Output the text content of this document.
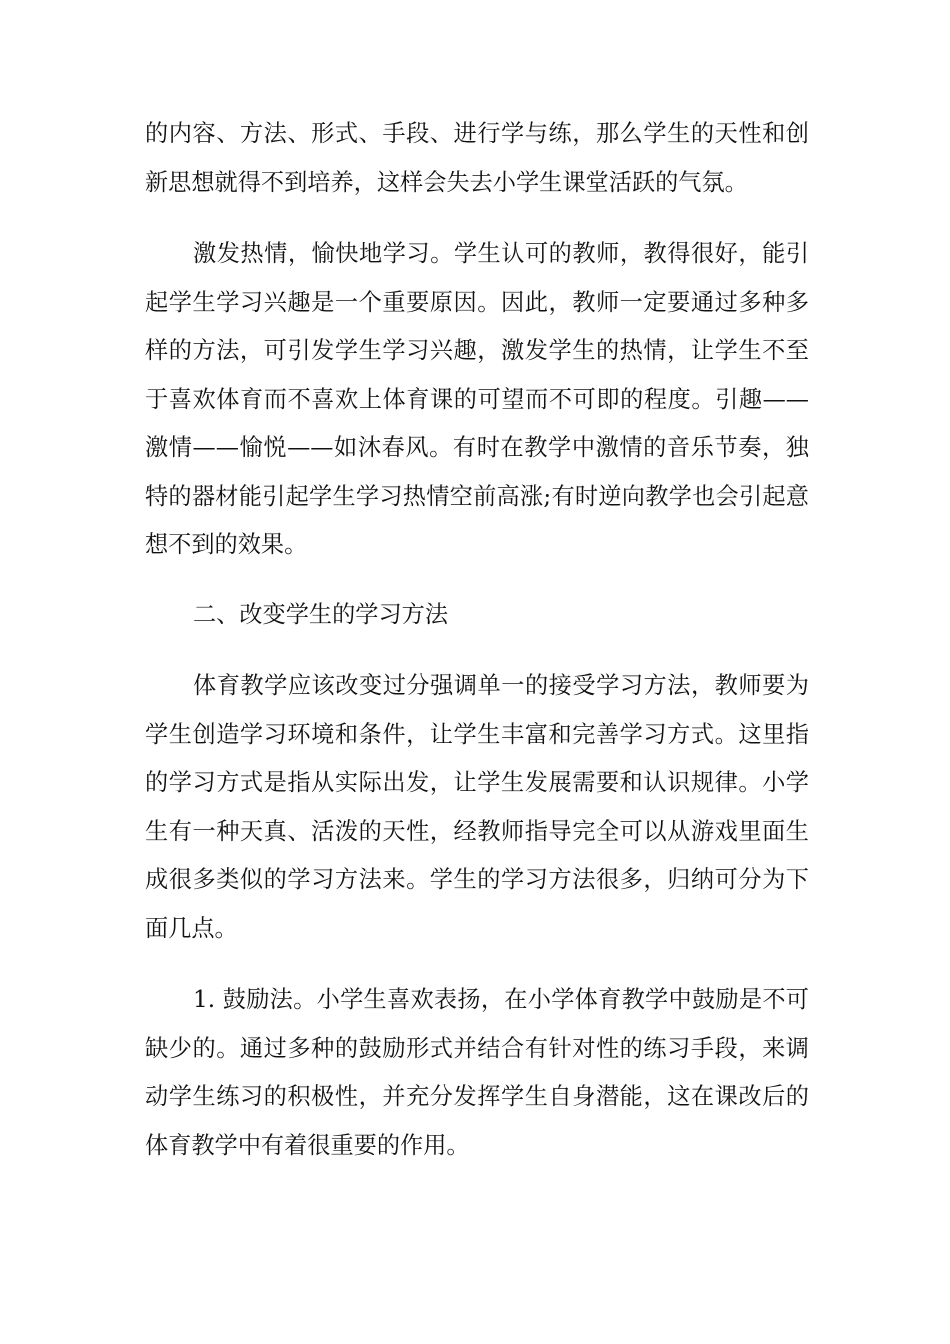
的内容、方法、形式、手段、进行学与练，那么学生的天性和创新思想就得不到培养，这样会失去小学生课堂活跃的气氛。

激发热情，愉快地学习。学生认可的教师，教得很好，能引起学生学习兴趣是一个重要原因。因此，教师一定要通过多种多样的方法，可引发学生学习兴趣，激发学生的热情，让学生不至于喜欢体育而不喜欢上体育课的可望而不可即的程度。引趣——激情——愉悦——如沐春风。有时在教学中激情的音乐节奏，独特的器材能引起学生学习热情空前高涨;有时逆向教学也会引起意想不到的效果。

二、改变学生的学习方法

体育教学应该改变过分强调单一的接受学习方法，教师要为学生创造学习环境和条件，让学生丰富和完善学习方式。这里指的学习方式是指从实际出发，让学生发展需要和认识规律。小学生有一种天真、活泼的天性，经教师指导完全可以从游戏里面生成很多类似的学习方法来。学生的学习方法很多，归纳可分为下面几点。

1. 鼓励法。小学生喜欢表扬，在小学体育教学中鼓励是不可缺少的。通过多种的鼓励形式并结合有针对性的练习手段，来调动学生练习的积极性，并充分发挥学生自身潜能，这在课改后的体育教学中有着很重要的作用。
